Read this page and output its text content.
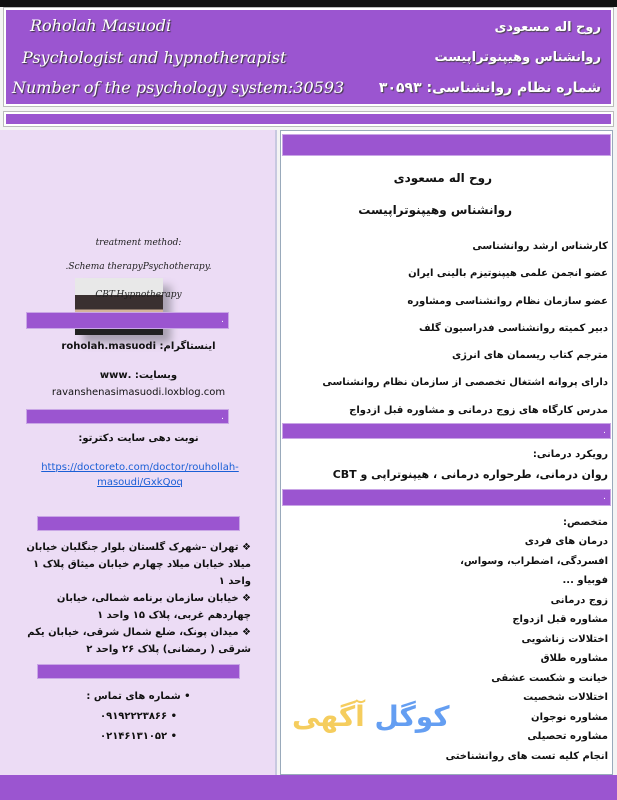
Roholah Masuodi
Psychologist and hypnotherapist
Number of the psychology system:30593
روح اله مسعودی
روانشناس وهیپنوتراپیست
شماره نظام روانشناسی: ۳۰۵۹۳
treatment method:
.Schema therapyPsychotherapy.
CBT.Hypnotherapy
.
اینستاگرام: roholah.masuodi
وبسایت: .www
ravanshenasimasuodi.loxblog.com
.
نوبت دهی سایت دکترتو:
https://doctoreto.com/doctor/rouhollah-masoudi/GxkQoq
❖ تهران –شهرک گلستان بلوار جنگلبان خیابان میلاد خیابان میلاد چهارم خیابان میثاق پلاک ۱ واحد ۱
❖ خیابان سازمان برنامه شمالی، خیابان چهاردهم غربی، پلاک ۱۵ واحد ۱
❖ میدان پونک، ضلع شمال شرقی، خیابان یکم شرقی ( رمضانی) پلاک ۲۶ واحد ۲
• شماره های تماس :
• ۰۹۱۹۲۲۲۳۸۶۶
• ۰۲۱۴۶۱۳۱۰۵۲
روح اله مسعودی
روانشناس وهیپنوتراپیست
کارشناس ارشد روانشناسی
عضو انجمن علمی هیپنوتیزم بالینی ایران
عضو سازمان نظام روانشناسی ومشاوره
دبیر کمیته روانشناسی فدراسیون گلف
مترجم کتاب ریسمان های انرژی
دارای پروانه اشتغال تخصصی از سازمان نظام روانشناسی
مدرس کارگاه های زوج درمانی و مشاوره قبل ازدواج
.
رویکرد درمانی:
روان درمانی، طرحواره درمانی ، هیپنوتراپی و CBT
.
متخصص:
درمان های فردی
افسردگی، اضطراب، وسواس،
فوبیاو ...
زوج درمانی
مشاوره قبل ازدواج
اختلالات زناشویی
مشاوره طلاق
خیانت و شکست عشقی
اختلالات شخصیت
مشاوره نوجوان
مشاوره تحصیلی
انجام کلیه تست های روانشناختی
کوگل آگهی
